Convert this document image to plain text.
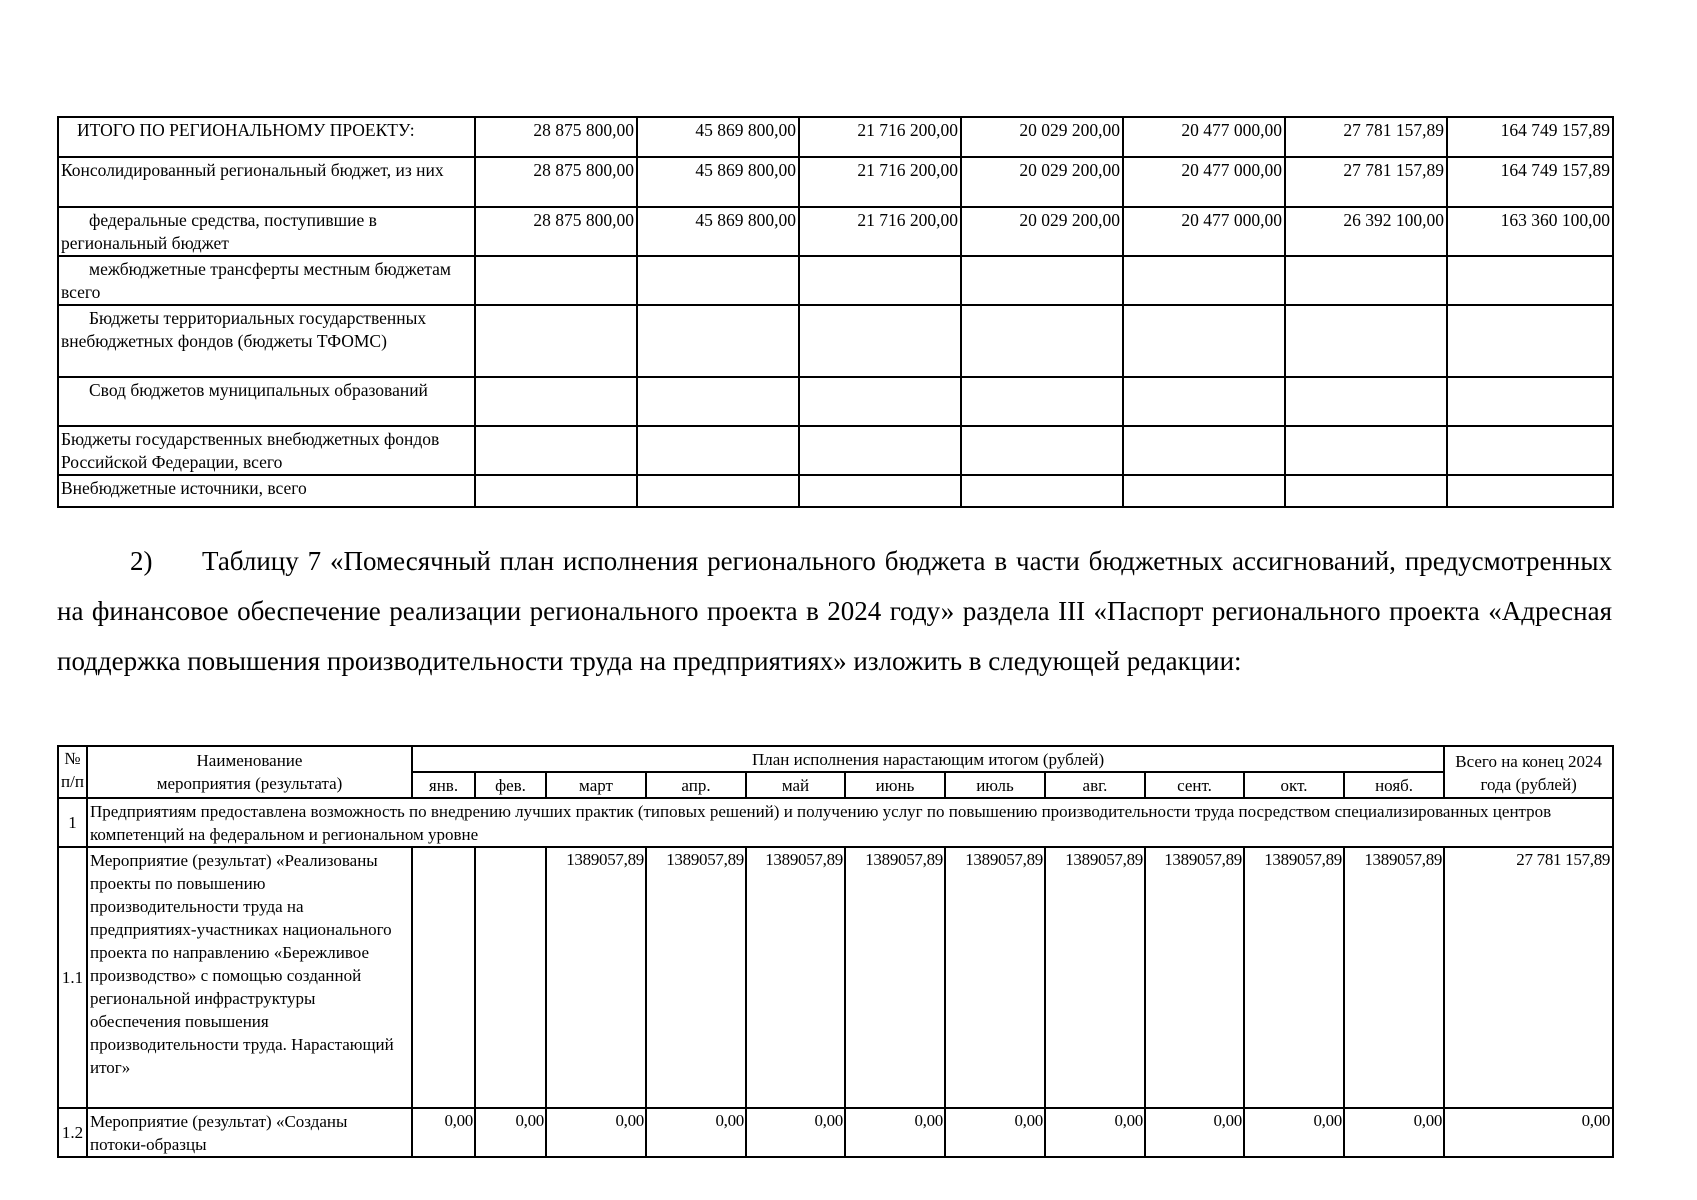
ИТОГО ПО РЕГИОНАЛЬНОМУ ПРОЕКТУ:	28 875 800,00	45 869 800,00	21 716 200,00	20 029 200,00	20 477 000,00	27 781 157,89	164 749 157,89
Консолидированный региональный бюджет, из них	28 875 800,00	45 869 800,00	21 716 200,00	20 029 200,00	20 477 000,00	27 781 157,89	164 749 157,89
федеральные средства, поступившие в региональный бюджет	28 875 800,00	45 869 800,00	21 716 200,00	20 029 200,00	20 477 000,00	26 392 100,00	163 360 100,00
межбюджетные трансферты местным бюджетам всего							
Бюджеты территориальных государственных внебюджетных фондов (бюджеты ТФОМС)							
Свод бюджетов муниципальных образований							
Бюджеты государственных внебюджетных фондов Российской Федерации, всего							
Внебюджетные источники, всего							
2) Таблицу 7 «Помесячный план исполнения регионального бюджета в части бюджетных ассигнований, предусмотренных на финансовое обеспечение реализации регионального проекта в 2024 году» раздела III «Паспорт регионального проекта «Адресная поддержка повышения производительности труда на предприятиях» изложить в следующей редакции:
№ п/п	Наименование мероприятия (результата)	План исполнения нарастающим итогом (рублей)											Всего на конец 2024 года (рублей)
		янв.	фев.	март	апр.	май	июнь	июль	авг.	сент.	окт.	нояб.	
1	Предприятиям предоставлена возможность по внедрению лучших практик (типовых решений) и получению услуг по повышению производительности труда посредством специализированных центров компетенций на федеральном и региональном уровне												
1.1	Мероприятие (результат) «Реализованы проекты по повышению производительности труда на предприятиях-участниках национального проекта по направлению «Бережливое производство» с помощью созданной региональной инфраструктуры обеспечения повышения производительности труда. Нарастающий итог»			1389057,89	1389057,89	1389057,89	1389057,89	1389057,89	1389057,89	1389057,89	1389057,89	1389057,89	27 781 157,89
1.2	Мероприятие (результат) «Созданы потоки-образцы	0,00	0,00	0,00	0,00	0,00	0,00	0,00	0,00	0,00	0,00	0,00	0,00
